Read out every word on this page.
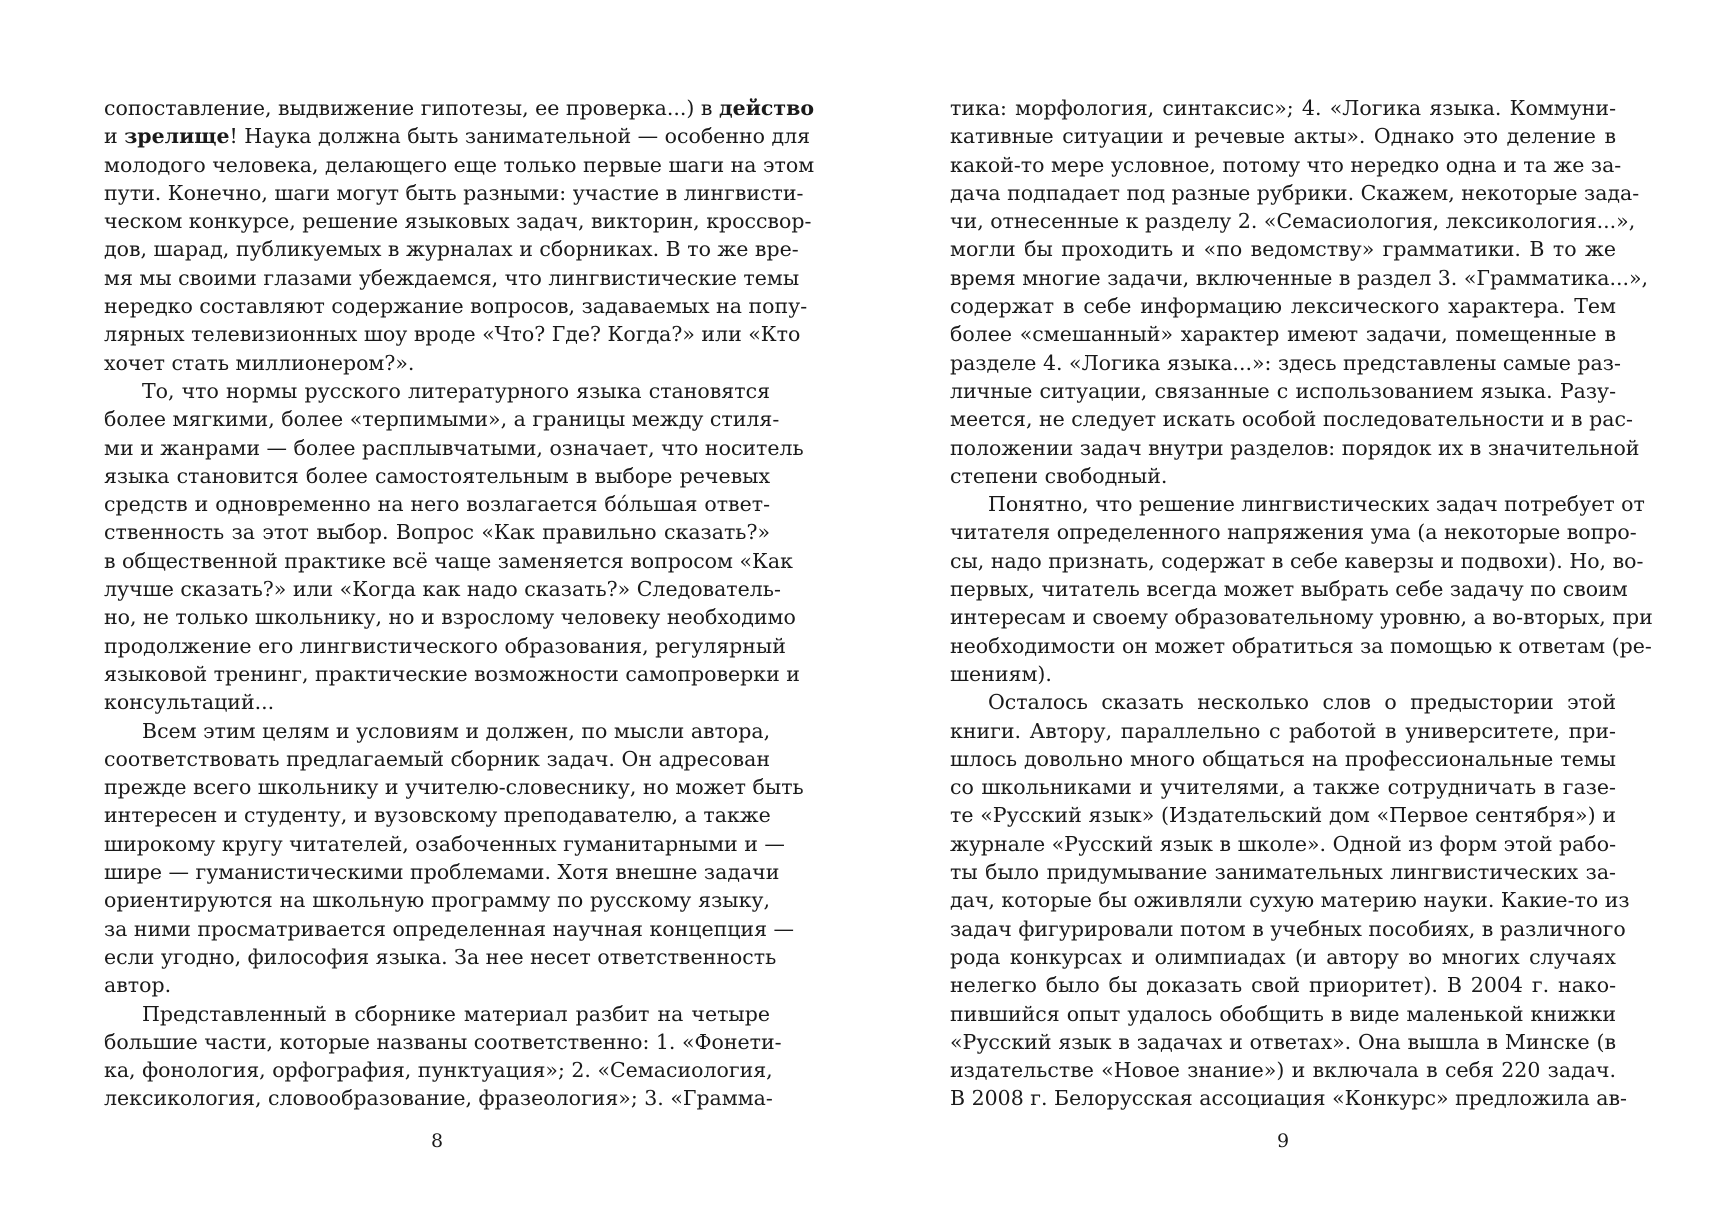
сопоставление, выдвижение гипотезы, ее проверка...) в действо
и зрелище! Наука должна быть занимательной — особенно для
молодого человека, делающего еще только первые шаги на этом
пути. Конечно, шаги могут быть разными: участие в лингвисти-
ческом конкурсе, решение языковых задач, викторин, кроссвор-
дов, шарад, публикуемых в журналах и сборниках. В то же вре-
мя мы своими глазами убеждаемся, что лингвистические темы
нередко составляют содержание вопросов, задаваемых на попу-
лярных телевизионных шоу вроде «Что? Где? Когда?» или «Кто
хочет стать миллионером?».
То, что нормы русского литературного языка становятся
более мягкими, более «терпимыми», а границы между стиля-
ми и жанрами — более расплывчатыми, означает, что носитель
языка становится более самостоятельным в выборе речевых
средств и одновременно на него возлагается бо́льшая ответ-
ственность за этот выбор. Вопрос «Как правильно сказать?»
в общественной практике всё чаще заменяется вопросом «Как
лучше сказать?» или «Когда как надо сказать?» Следователь-
но, не только школьнику, но и взрослому человеку необходимо
продолжение его лингвистического образования, регулярный
языковой тренинг, практические возможности самопроверки и
консультаций...
Всем этим целям и условиям и должен, по мысли автора,
соответствовать предлагаемый сборник задач. Он адресован
прежде всего школьнику и учителю-словеснику, но может быть
интересен и студенту, и вузовскому преподавателю, а также
широкому кругу читателей, озабоченных гуманитарными и —
шире — гуманистическими проблемами. Хотя внешне задачи
ориентируются на школьную программу по русскому языку,
за ними просматривается определенная научная концепция —
если угодно, философия языка. За нее несет ответственность
автор.
Представленный в сборнике материал разбит на четыре
большие части, которые названы соответственно: 1. «Фонети-
ка, фонология, орфография, пунктуация»; 2. «Семасиология,
лексикология, словообразование, фразеология»; 3. «Грамма-
тика: морфология, синтаксис»; 4. «Логика языка. Коммуни-
кативные ситуации и речевые акты». Однако это деление в
какой-то мере условное, потому что нередко одна и та же за-
дача подпадает под разные рубрики. Скажем, некоторые зада-
чи, отнесенные к разделу 2. «Семасиология, лексикология...»,
могли бы проходить и «по ведомству» грамматики. В то же
время многие задачи, включенные в раздел 3. «Грамматика...»,
содержат в себе информацию лексического характера. Тем
более «смешанный» характер имеют задачи, помещенные в
разделе 4. «Логика языка...»: здесь представлены самые раз-
личные ситуации, связанные с использованием языка. Разу-
меется, не следует искать особой последовательности и в рас-
положении задач внутри разделов: порядок их в значительной
степени свободный.
Понятно, что решение лингвистических задач потребует от
читателя определенного напряжения ума (а некоторые вопро-
сы, надо признать, содержат в себе каверзы и подвохи). Но, во-
первых, читатель всегда может выбрать себе задачу по своим
интересам и своему образовательному уровню, а во-вторых, при
необходимости он может обратиться за помощью к ответам (ре-
шениям).
Осталось сказать несколько слов о предыстории этой
книги. Автору, параллельно с работой в университете, при-
шлось довольно много общаться на профессиональные темы
со школьниками и учителями, а также сотрудничать в газе-
те «Русский язык» (Издательский дом «Первое сентября») и
журнале «Русский язык в школе». Одной из форм этой рабо-
ты было придумывание занимательных лингвистических за-
дач, которые бы оживляли сухую материю науки. Какие-то из
задач фигурировали потом в учебных пособиях, в различного
рода конкурсах и олимпиадах (и автору во многих случаях
нелегко было бы доказать свой приоритет). В 2004 г. нако-
пившийся опыт удалось обобщить в виде маленькой книжки
«Русский язык в задачах и ответах». Она вышла в Минске (в
издательстве «Новое знание») и включала в себя 220 задач.
В 2008 г. Белорусская ассоциация «Конкурс» предложила ав-
8	9
